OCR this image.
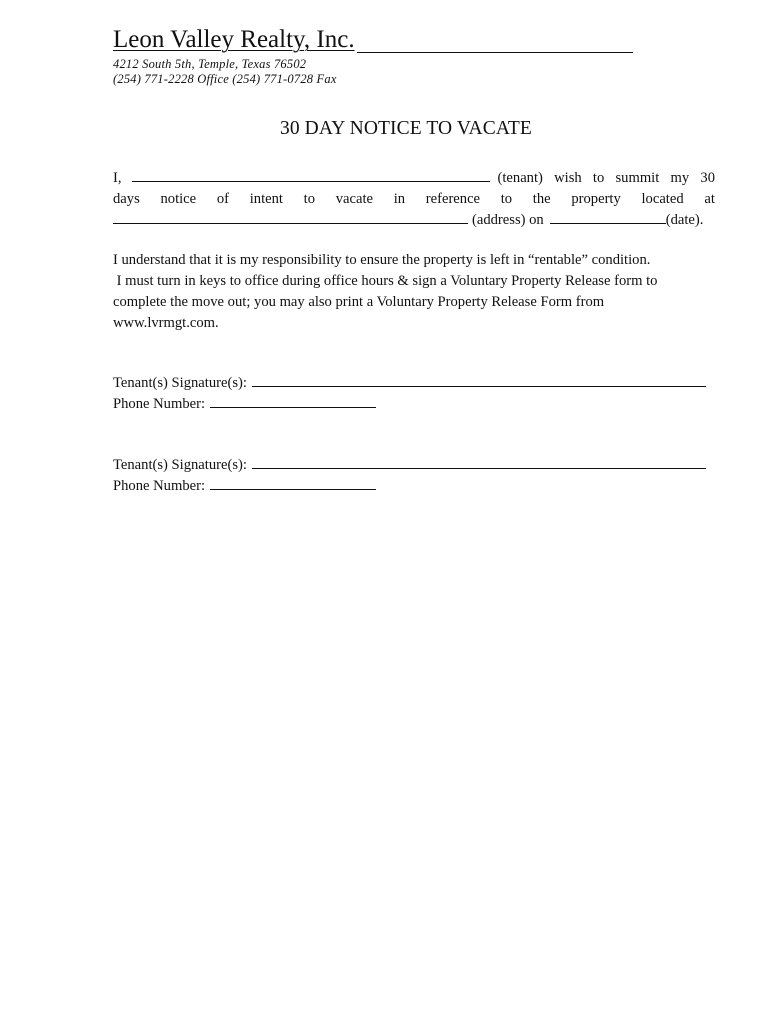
Leon Valley Realty, Inc.
4212 South 5th, Temple, Texas 76502
(254) 771-2228 Office (254) 771-0728 Fax
30 DAY NOTICE TO VACATE
I,	(tenant) wish to summit my 30
days notice of intent to vacate in reference to the property located at
(address) on	(date).
I understand that it is my responsibility to ensure the property is left in “rentable” condition.
I must turn in keys to office during office hours & sign a Voluntary Property Release form to
complete the move out; you may also print a Voluntary Property Release Form from
www.lvrmgt.com.
Tenant(s) Signature(s):
Phone Number:
Tenant(s) Signature(s):
Phone Number:
